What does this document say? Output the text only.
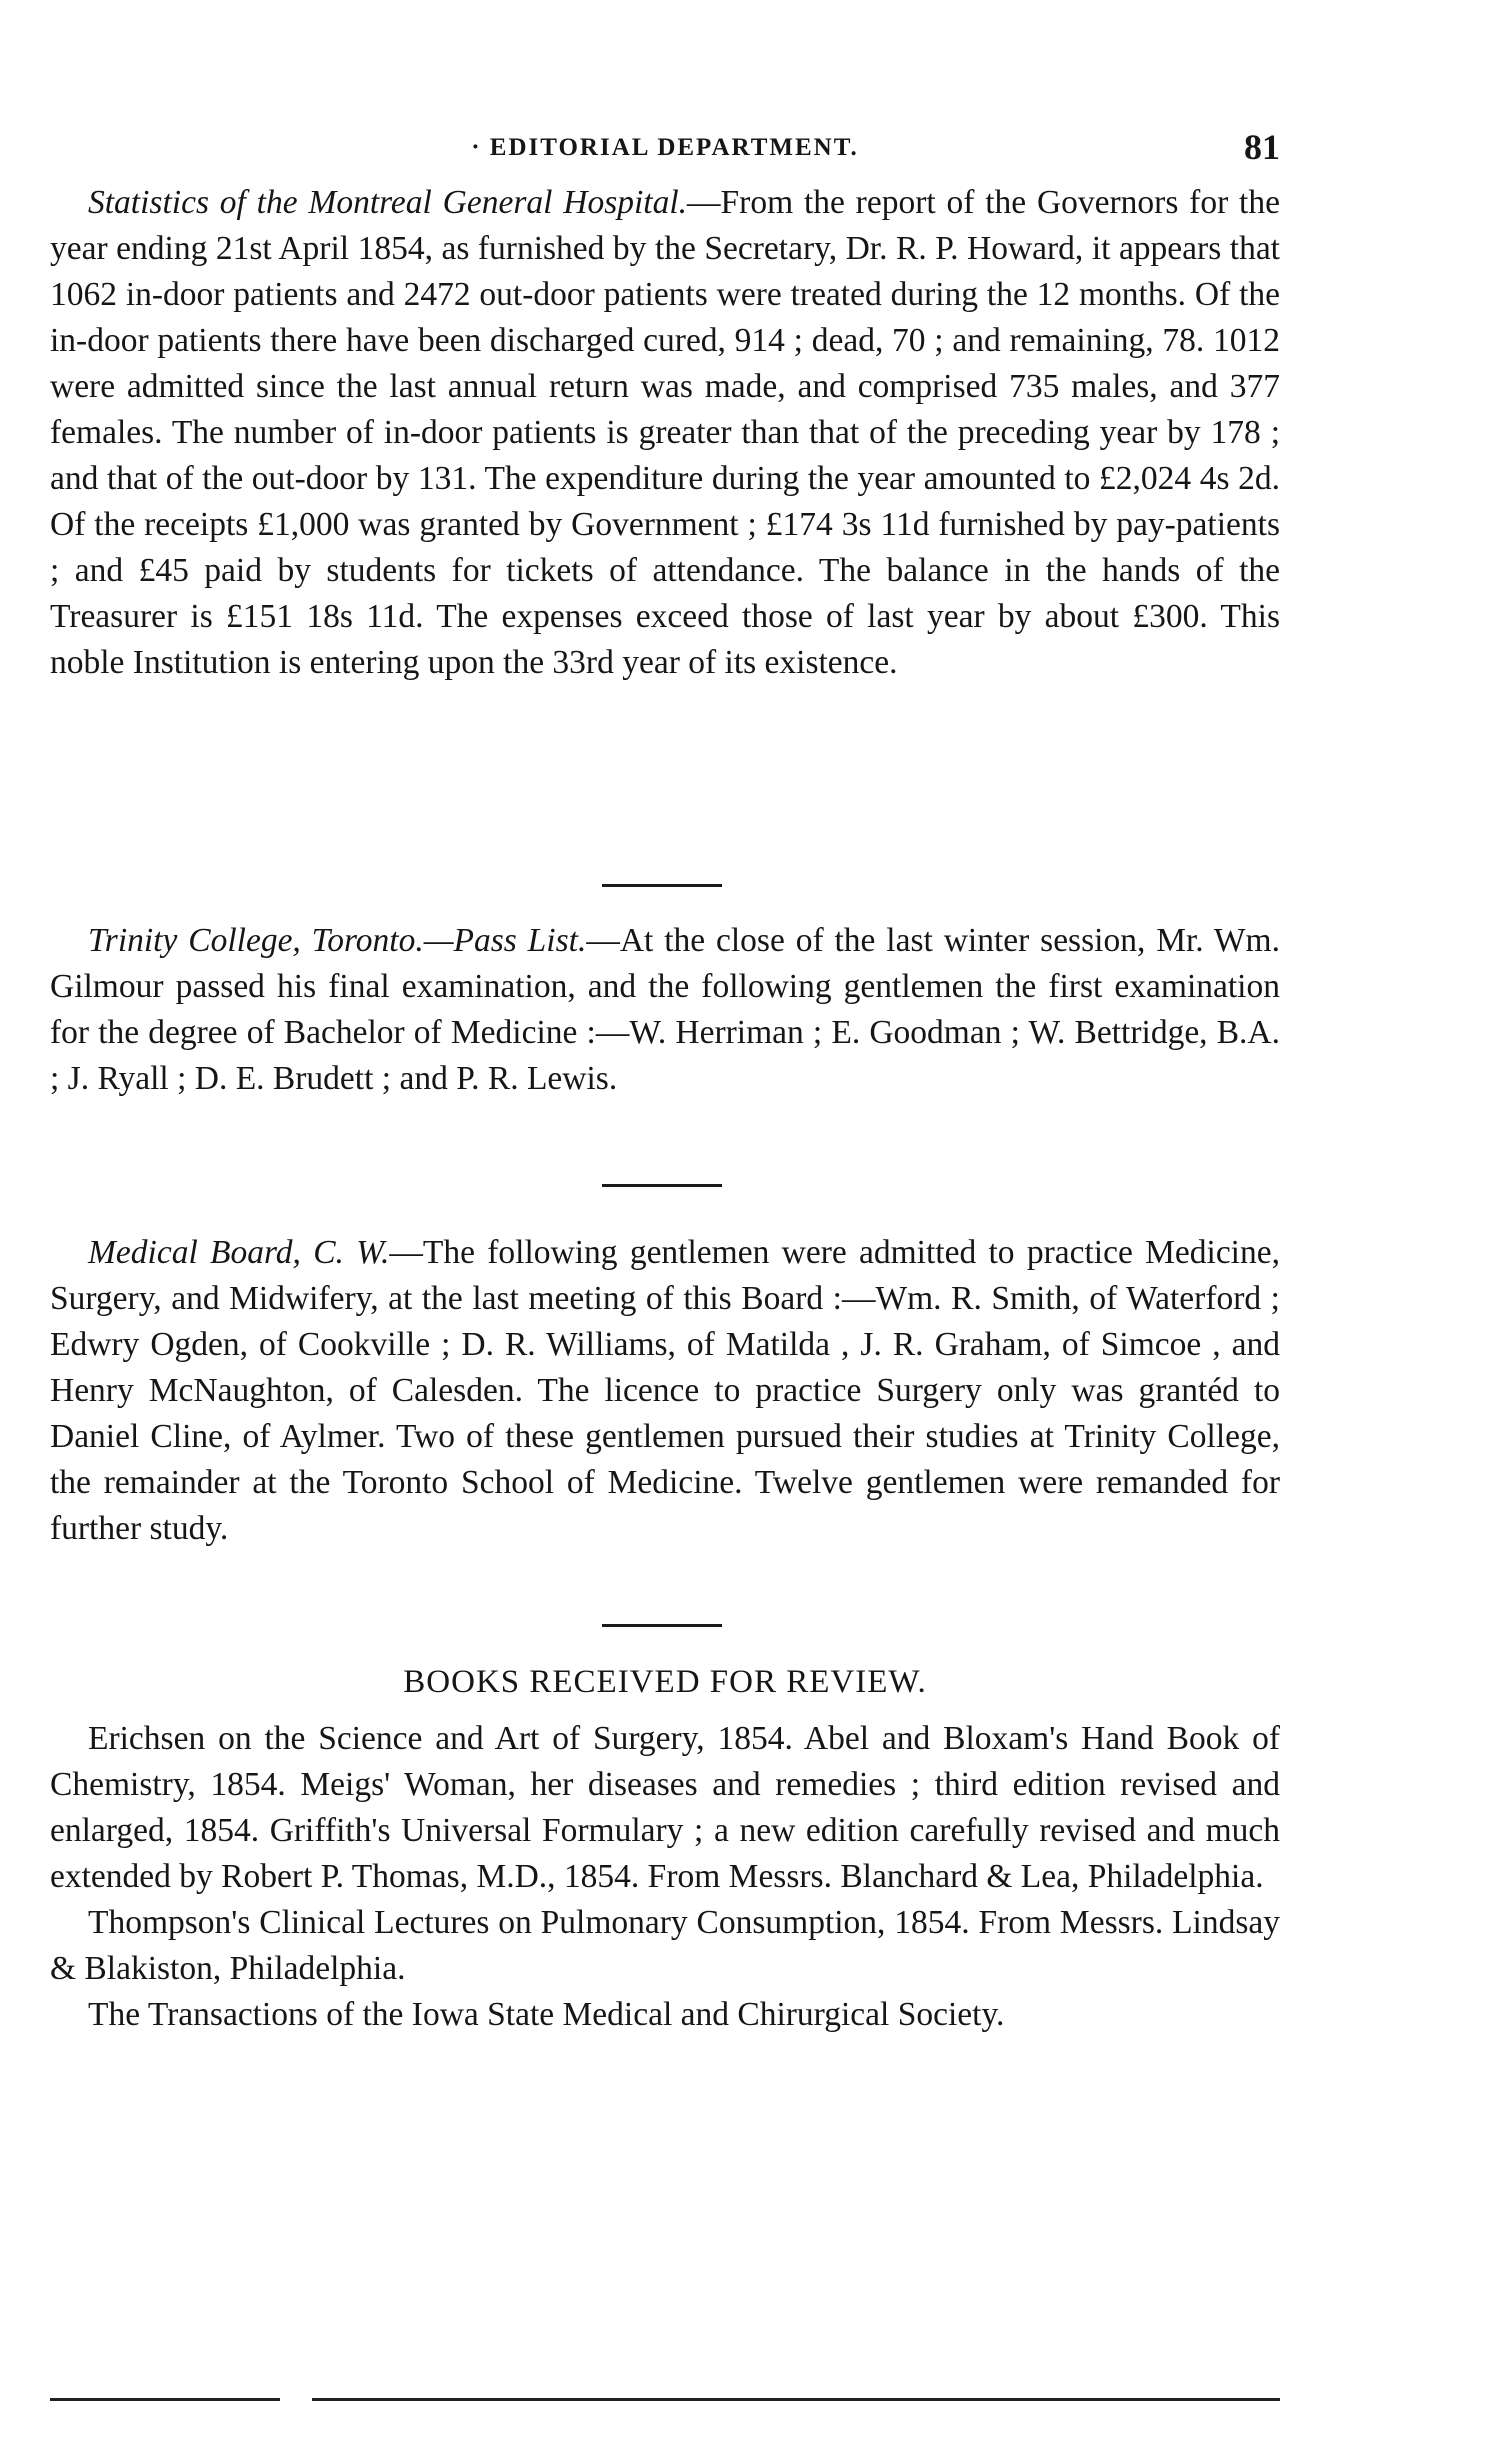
· EDITORIAL DEPARTMENT.	81

Statistics of the Montreal General Hospital.—From the report of the Governors for the year ending 21st April 1854, as furnished by the Secretary, Dr. R. P. Howard, it appears that 1062 in-door patients and 2472 out-door patients were treated during the 12 months. Of the in-door patients there have been discharged cured, 914 ; dead, 70 ; and remaining, 78. 1012 were admitted since the last annual return was made, and comprised 735 males, and 377 females. The number of in-door patients is greater than that of the preceding year by 178 ; and that of the out-door by 131. The expenditure during the year amounted to £2,024 4s 2d. Of the receipts £1,000 was granted by Government ; £174 3s 11d furnished by pay-patients ; and £45 paid by students for tickets of attendance. The balance in the hands of the Treasurer is £151 18s 11d. The expenses exceed those of last year by about £300. This noble Institution is entering upon the 33rd year of its existence.

Trinity College, Toronto.—Pass List.—At the close of the last winter session, Mr. Wm. Gilmour passed his final examination, and the following gentlemen the first examination for the degree of Bachelor of Medicine :—W. Herriman ; E. Goodman ; W. Bettridge, B.A. ; J. Ryall ; D. E. Brudett ; and P. R. Lewis.

Medical Board, C. W.—The following gentlemen were admitted to practice Medicine, Surgery, and Midwifery, at the last meeting of this Board :—Wm. R. Smith, of Waterford ; Edwry Ogden, of Cookville ; D. R. Williams, of Matilda , J. R. Graham, of Simcoe , and Henry McNaughton, of Calesden. The licence to practice Surgery only was grantéd to Daniel Cline, of Aylmer. Two of these gentlemen pursued their studies at Trinity College, the remainder at the Toronto School of Medicine. Twelve gentlemen were remanded for further study.

BOOKS RECEIVED FOR REVIEW.

Erichsen on the Science and Art of Surgery, 1854. Abel and Bloxam's Hand Book of Chemistry, 1854. Meigs' Woman, her diseases and remedies ; third edition revised and enlarged, 1854. Griffith's Universal Formulary ; a new edition carefully revised and much extended by Robert P. Thomas, M.D., 1854. From Messrs. Blanchard & Lea, Philadelphia.

Thompson's Clinical Lectures on Pulmonary Consumption, 1854. From Messrs. Lindsay & Blakiston, Philadelphia.

The Transactions of the Iowa State Medical and Chirurgical Society.
